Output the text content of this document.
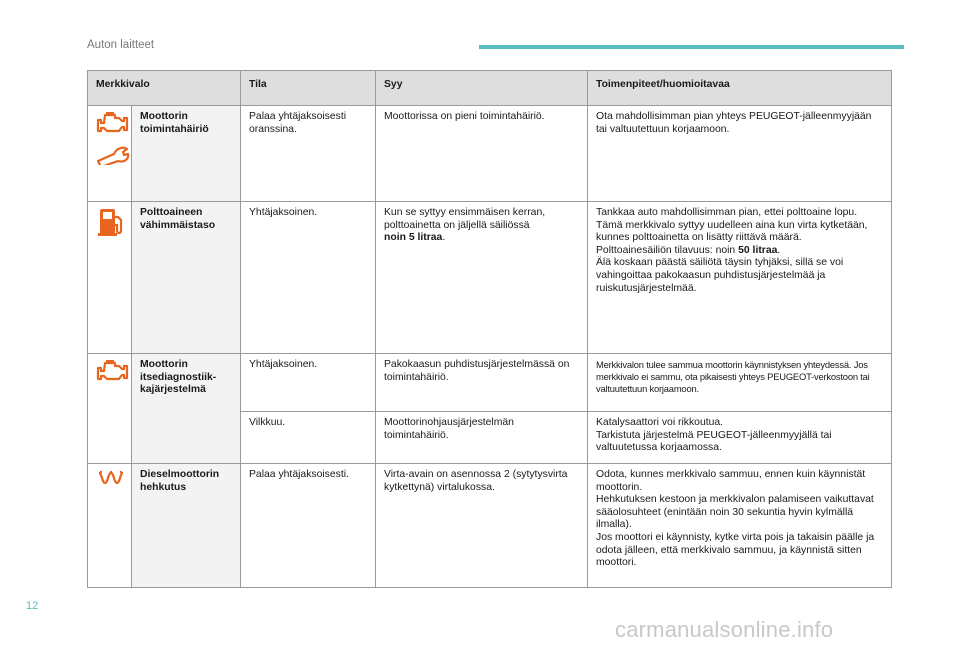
Auton laitteet
Merkkivalo		Tila	Syy	Toimenpiteet/huomioitavaa

	Moottorin toimintahäiriö	Palaa yhtäjaksoisesti oranssina.	Moottorissa on pieni toimintahäiriö.	Ota mahdollisimman pian yhteys PEUGEOT-jälleenmyyjään tai valtuutettuun korjaamoon.

	Polttoaineen vähimmäistaso	Yhtäjaksoinen.	Kun se syttyy ensimmäisen kerran, polttoainetta on jäljellä säiliössä
noin 5 litraa.	Tankkaa auto mahdollisimman pian, ettei polttoaine lopu.
Tämä merkkivalo syttyy uudelleen aina kun virta kytketään, kunnes polttoainetta on lisätty riittävä määrä.
Polttoainesäiliön tilavuus: noin 50 litraa.
Älä koskaan päästä säiliötä täysin tyhjäksi, sillä se voi vahingoittaa pakokaasun puhdistusjärjestelmää ja ruiskutusjärjestelmää.

	Moottorin itsediagnostiik-kajärjestelmä	Yhtäjaksoinen.	Pakokaasun puhdistusjärjestelmässä on toimintahäiriö.	Merkkivalon tulee sammua moottorin käynnistyksen yhteydessä. Jos merkkivalo ei sammu, ota pikaisesti yhteys PEUGEOT-verkostoon tai valtuutettuun korjaamoon.
		Vilkkuu.	Moottorinohjausjärjestelmän toimintahäiriö.	Katalysaattori voi rikkoutua.
Tarkistuta järjestelmä PEUGEOT-jälleenmyyjällä tai valtuutetussa korjaamossa.

	Dieselmoottorin hehkutus	Palaa yhtäjaksoisesti.	Virta-avain on asennossa 2 (sytytysvirta kytkettynä) virtalukossa.	Odota, kunnes merkkivalo sammuu, ennen kuin käynnistät moottorin.
Hehkutuksen kestoon ja merkkivalon palamiseen vaikuttavat sääolosuhteet (enintään noin 30 sekuntia hyvin kylmällä ilmalla).
Jos moottori ei käynnisty, kytke virta pois ja takaisin päälle ja odota jälleen, että merkkivalo sammuu, ja käynnistä sitten moottori.
12
carmanualsonline.info
